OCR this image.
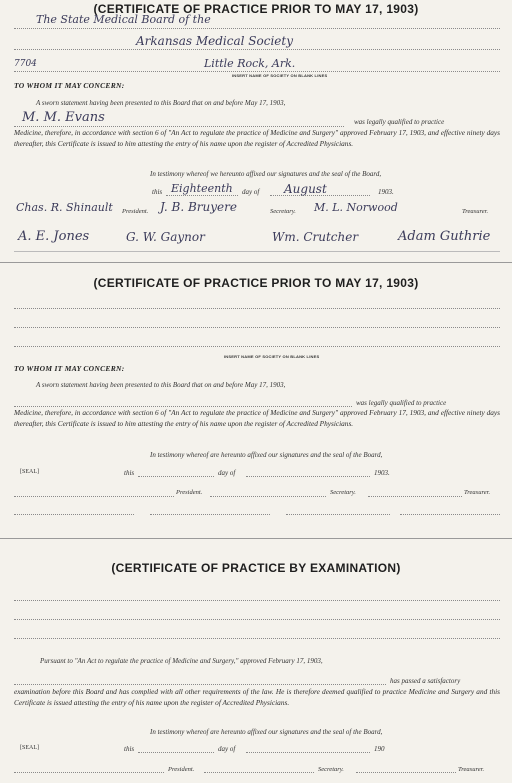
(CERTIFICATE OF PRACTICE PRIOR TO MAY 17, 1903)
The State Medical Board of the
Arkansas Medical Society
7704	Little Rock, Ark.
INSERT NAME OF SOCIETY ON BLANK LINES
TO WHOM IT MAY CONCERN:
A sworn statement having been presented to this Board that on and before May 17, 1903,
M. M. Evans	was legally qualified to practice
Medicine, therefore, in accordance with section 6 of "An Act to regulate the practice of Medicine and Surgery" approved February 17, 1903, and effective ninety days thereafter, this Certificate is issued to him attesting the entry of his name upon the register of Accredited Physicians.
In testimony whereof we hereunto affixed our signatures and the seal of the Board,
this Eighteenth day of August	1903.
Chas. R. Shinault President. J. B. Bruyere	Secretary. M. L. Norwood	Treasurer.
A. E. Jones	G. W. Gaynor	Wm. Crutcher	Adam Guthrie
(CERTIFICATE OF PRACTICE PRIOR TO MAY 17, 1903)
INSERT NAME OF SOCIETY ON BLANK LINES
TO WHOM IT MAY CONCERN:
A sworn statement having been presented to this Board that on and before May 17, 1903,
was legally qualified to practice
Medicine, therefore, in accordance with section 6 of "An Act to regulate the practice of Medicine and Surgery" approved February 17, 1903, and effective ninety days thereafter, this Certificate is issued to him attesting the entry of his name upon the register of Accredited Physicians.
In testimony whereof are hereunto affixed our signatures and the seal of the Board,
[SEAL]	this	day of	1903.
President.	Secretary.	Treasurer.
(CERTIFICATE OF PRACTICE BY EXAMINATION)
Pursuant to "An Act to regulate the practice of Medicine and Surgery," approved February 17, 1903,
has passed a satisfactory
examination before this Board and has complied with all other requirements of the law. He is therefore deemed qualified to practice Medicine and Surgery and this Certificate is issued attesting the entry of his name upon the register of Accredited Physicians.
In testimony whereof are hereunto affixed our signatures and the seal of the Board,
[SEAL]	this	day of	190
President.	Secretary.	Treasurer.
